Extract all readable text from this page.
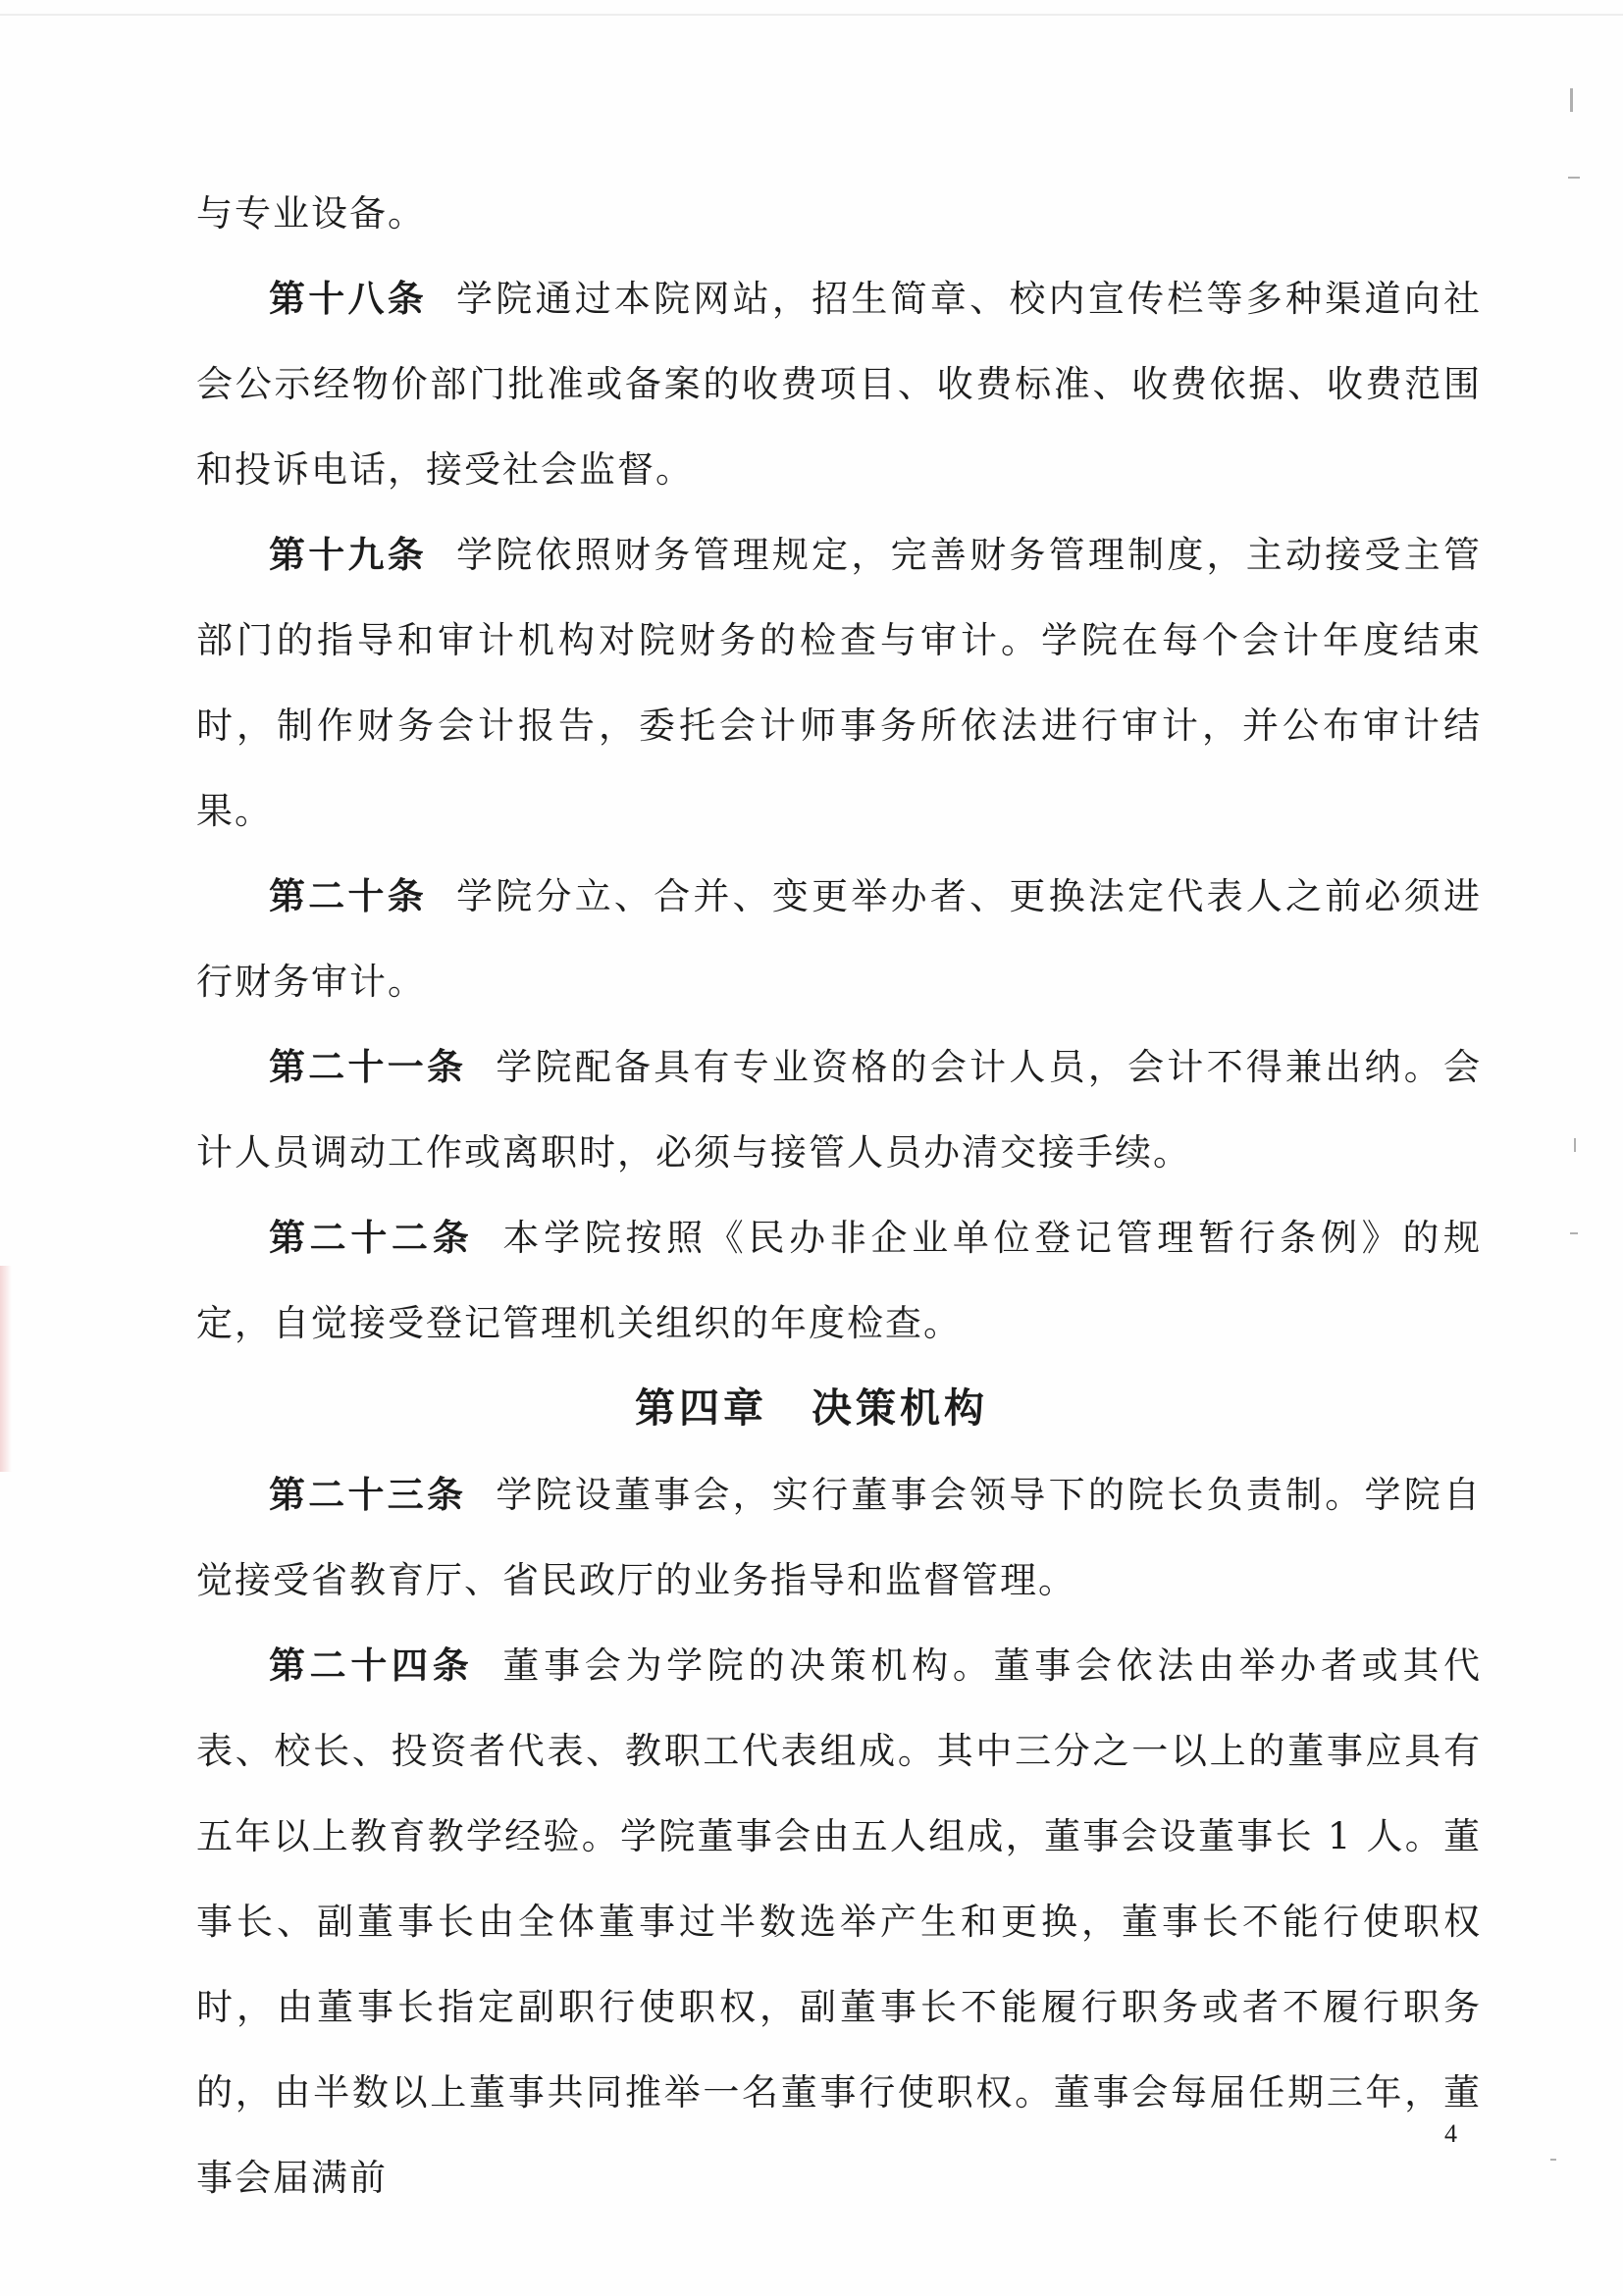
与专业设备。

第十八条 学院通过本院网站，招生简章、校内宣传栏等多种渠道向社会公示经物价部门批准或备案的收费项目、收费标准、收费依据、收费范围和投诉电话，接受社会监督。

第十九条 学院依照财务管理规定，完善财务管理制度，主动接受主管部门的指导和审计机构对院财务的检查与审计。学院在每个会计年度结束时，制作财务会计报告，委托会计师事务所依法进行审计，并公布审计结果。

第二十条 学院分立、合并、变更举办者、更换法定代表人之前必须进行财务审计。

第二十一条 学院配备具有专业资格的会计人员，会计不得兼出纳。会计人员调动工作或离职时，必须与接管人员办清交接手续。

第二十二条 本学院按照《民办非企业单位登记管理暂行条例》的规定，自觉接受登记管理机关组织的年度检查。

第四章　决策机构

第二十三条 学院设董事会，实行董事会领导下的院长负责制。学院自觉接受省教育厅、省民政厅的业务指导和监督管理。

第二十四条 董事会为学院的决策机构。董事会依法由举办者或其代表、校长、投资者代表、教职工代表组成。其中三分之一以上的董事应具有五年以上教育教学经验。学院董事会由五人组成，董事会设董事长 1 人。董事长、副董事长由全体董事过半数选举产生和更换，董事长不能行使职权时，由董事长指定副职行使职权，副董事长不能履行职务或者不履行职务的，由半数以上董事共同推举一名董事行使职权。董事会每届任期三年，董事会届满前

4
